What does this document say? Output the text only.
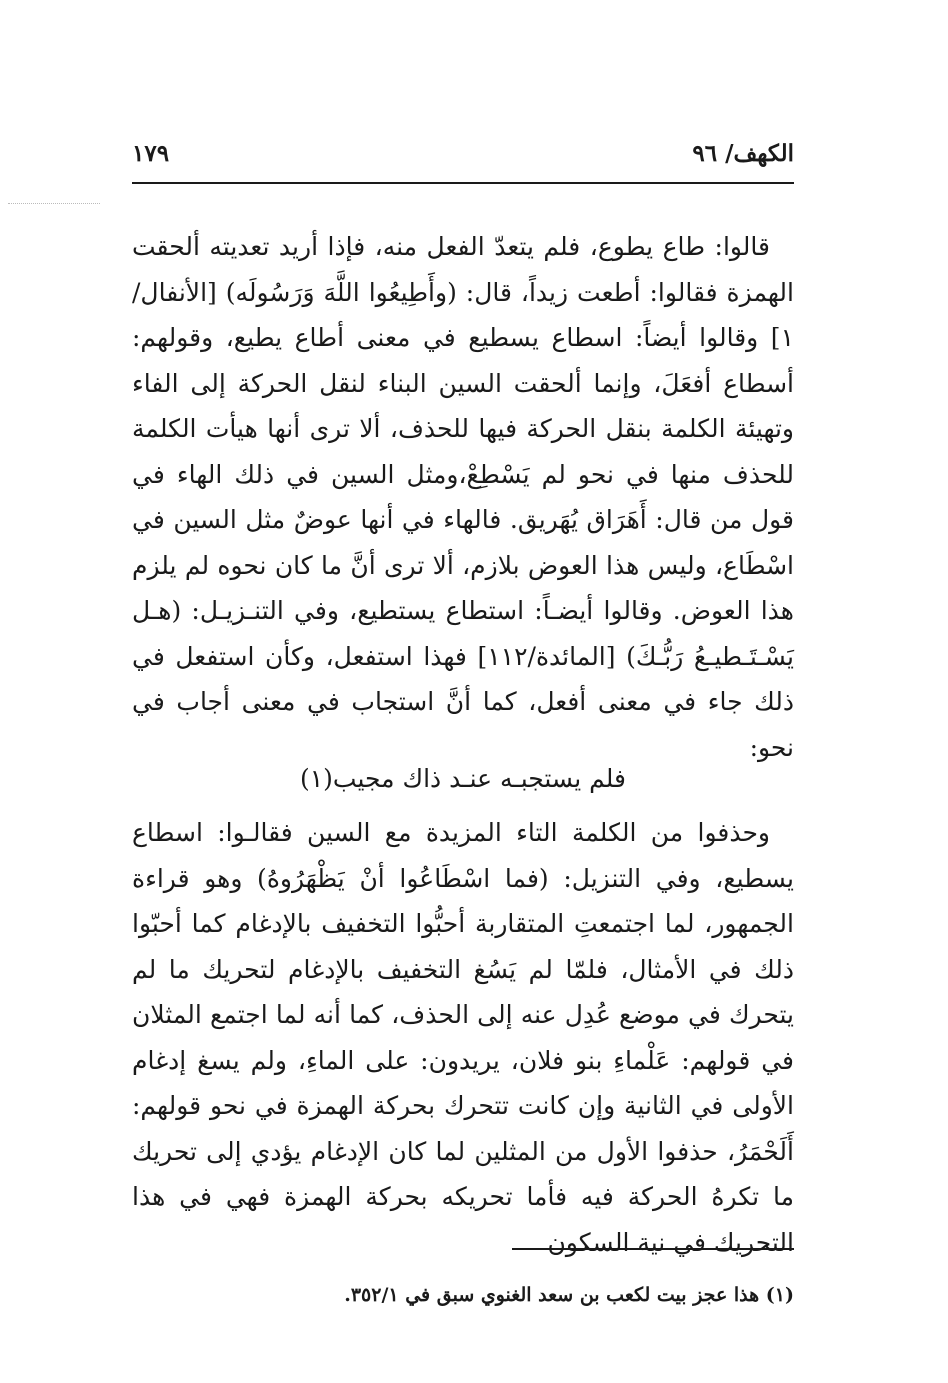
الكهف/ ٩٦
١٧٩

قالوا: طاع يطوع، فلم يتعدّ الفعل منه، فإذا أريد تعديته ألحقت الهمزة فقالوا: أطعت زيداً، قال: (وأَطِيعُوا اللَّهَ وَرَسُولَه) [الأنفال/١] وقالوا أيضاً: اسطاع يسطيع في معنى أطاع يطيع، وقولهم: أسطاع أفعَلَ، وإنما ألحقت السين البناء لنقل الحركة إلى الفاء وتهيئة الكلمة بنقل الحركة فيها للحذف، ألا ترى أنها هيأت الكلمة للحذف منها في نحو لم يَسْطِعْ،ومثل السين في ذلك الهاء في قول من قال: أَهَرَاق يُهَريق. فالهاء في أنها عوضٌ مثل السين في اسْطَاع، وليس هذا العوض بلازم، ألا ترى أنَّ ما كان نحوه لم يلزم هذا العوض. وقالوا أيضـاً: استطاع يستطيع، وفي التنـزيـل: (هـل يَسْـتَـطيـعُ رَبُّـكَ) [المائدة/١١٢] فهذا استفعل، وكأن استفعل في ذلك جاء في معنى أفعل، كما أنَّ استجاب في معنى أجاب في نحو:

فلم يستجبـه عنـد ذاك مجيب(١)

وحذفوا من الكلمة التاء المزيدة مع السين فقالـوا: اسطاع يسطيع، وفي التنزيل: (فما اسْطَاعُوا أنْ يَظْهَرُوهُ) وهو قراءة الجمهور، لما اجتمعتِ المتقاربة أحبُّوا التخفيف بالإدغام كما أحبّوا ذلك في الأمثال، فلمّا لم يَسُغ التخفيف بالإدغام لتحريك ما لم يتحرك في موضع عُدِل عنه إلى الحذف، كما أنه لما اجتمع المثلان في قولهم: عَلْماءِ بنو فلان، يريدون: على الماءِ، ولم يسغ إدغام الأولى في الثانية وإن كانت تتحرك بحركة الهمزة في نحو قولهم: أَلَحْمَرُ، حذفوا الأول من المثلين لما كان الإدغام يؤدي إلى تحريك ما تكرهُ الحركة فيه فأما تحريكه بحركة الهمزة فهي في هذا التحريك في نية السكون

(١) هذا عجز بيت لكعب بن سعد الغنوي سبق في ٣٥٢/١.
